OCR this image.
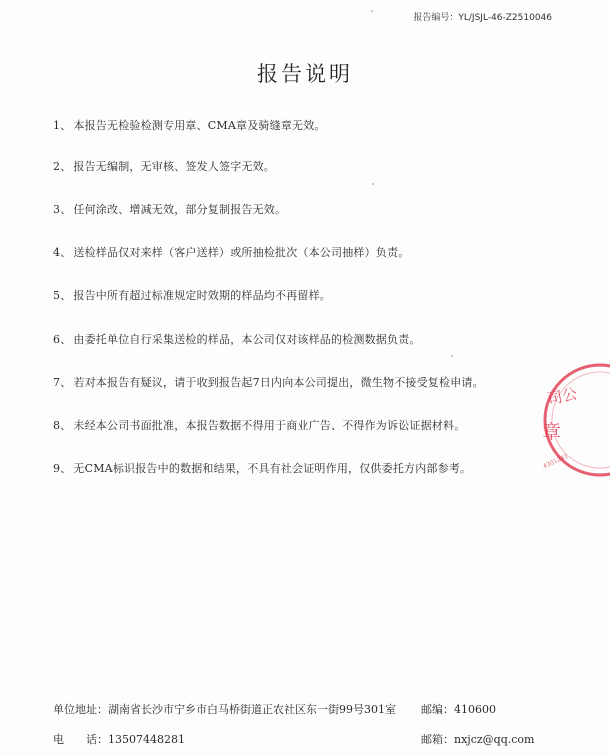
报告编号：YL/JSJL-46-Z2510046
报告说明
1、 本报告无检验检测专用章、CMA章及骑缝章无效。
2、 报告无编制，无审核、签发人签字无效。
3、 任何涂改、增减无效，部分复制报告无效。
4、 送检样品仅对来样（客户送样）或所抽检批次（本公司抽样）负责。
5、 报告中所有超过标准规定时效期的样品均不再留样。
6、 由委托单位自行采集送检的样品，本公司仅对该样品的检测数据负责。
7、 若对本报告有疑议，请于收到报告起7日内向本公司提出，微生物不接受复检申请。
8、 未经本公司书面批准，本报告数据不得用于商业广告、不得作为诉讼证据材料。
9、 无CMA标识报告中的数据和结果，不具有社会证明作用，仅供委托方内部参考。
司公
章
4301241
单位地址：湖南省长沙市宁乡市白马桥街道正农社区东一街99号301室 邮编：410600
电　　话：13507448281	邮箱：nxjcz@qq.com
